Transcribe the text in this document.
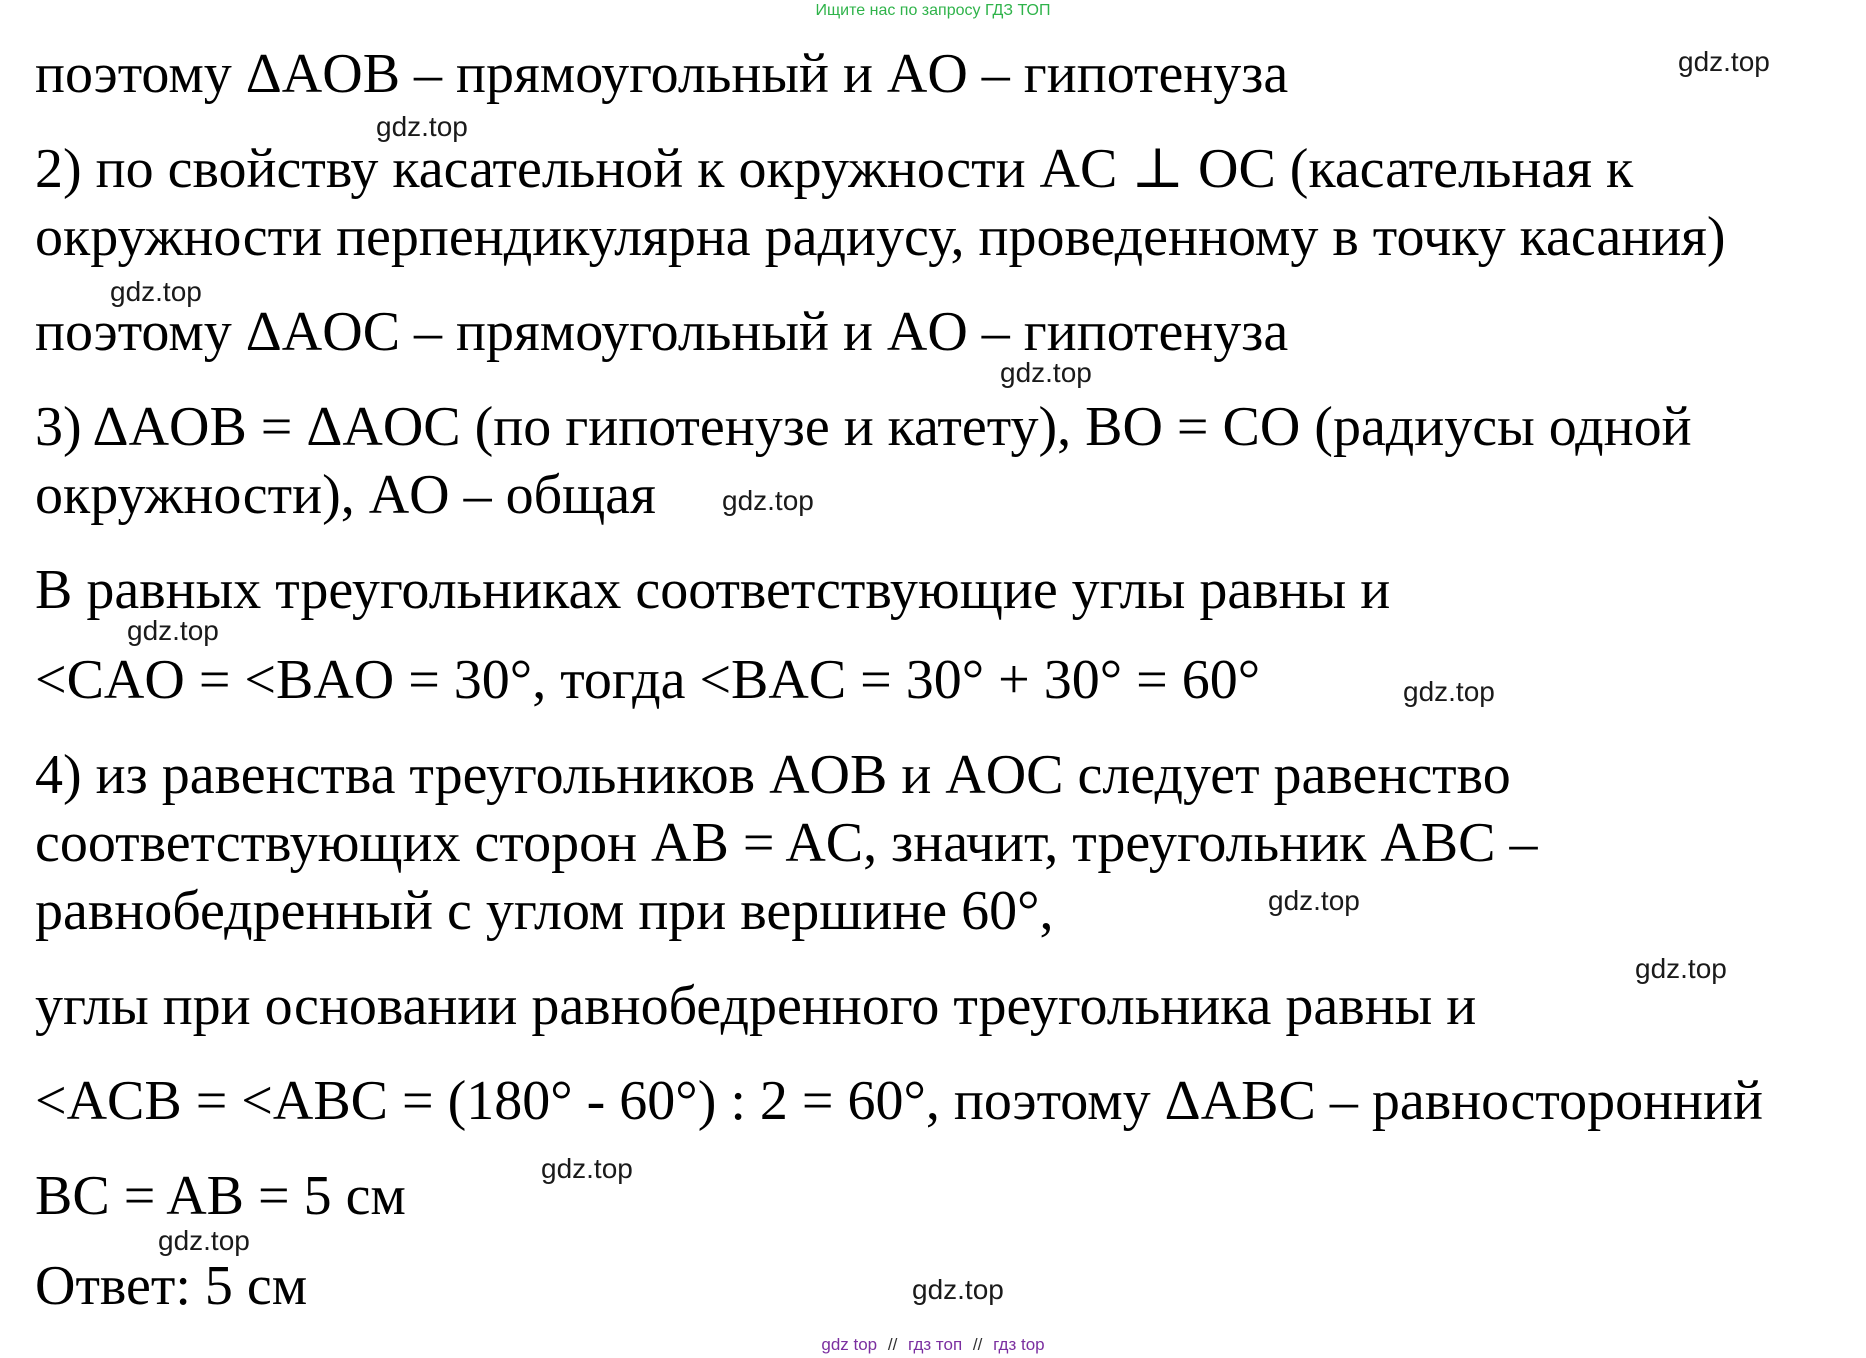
Ищите нас по запросу ГДЗ ТОП
поэтому ΔAOB – прямоугольный и AO – гипотенуза
2) по свойству касательной к окружности AC ⊥ OC (касательная к
окружности перпендикулярна радиусу, проведенному в точку касания)
поэтому ΔAOC – прямоугольный и AO – гипотенуза
3) ΔAOB = ΔAOC (по гипотенузе и катету), BO = CO (радиусы одной
окружности), AO – общая
В равных треугольниках соответствующие углы равны и
<CAO = <BAO = 30°, тогда <BAC = 30° + 30° = 60°
4) из равенства треугольников AOB и AOC следует равенство
соответствующих сторон AB = AC, значит, треугольник ABC –
равнобедренный с углом при вершине 60°,
углы при основании равнобедренного треугольника равны и
<ACB = <ABC = (180° - 60°) : 2 = 60°, поэтому ΔABC – равносторонний
BC = AB = 5 см
Ответ: 5 см
gdz.top
gdz.top
gdz.top
gdz.top
gdz.top
gdz.top
gdz.top
gdz.top
gdz.top
gdz.top
gdz.top
gdz.top
gdz top // гдз топ // гдз top
